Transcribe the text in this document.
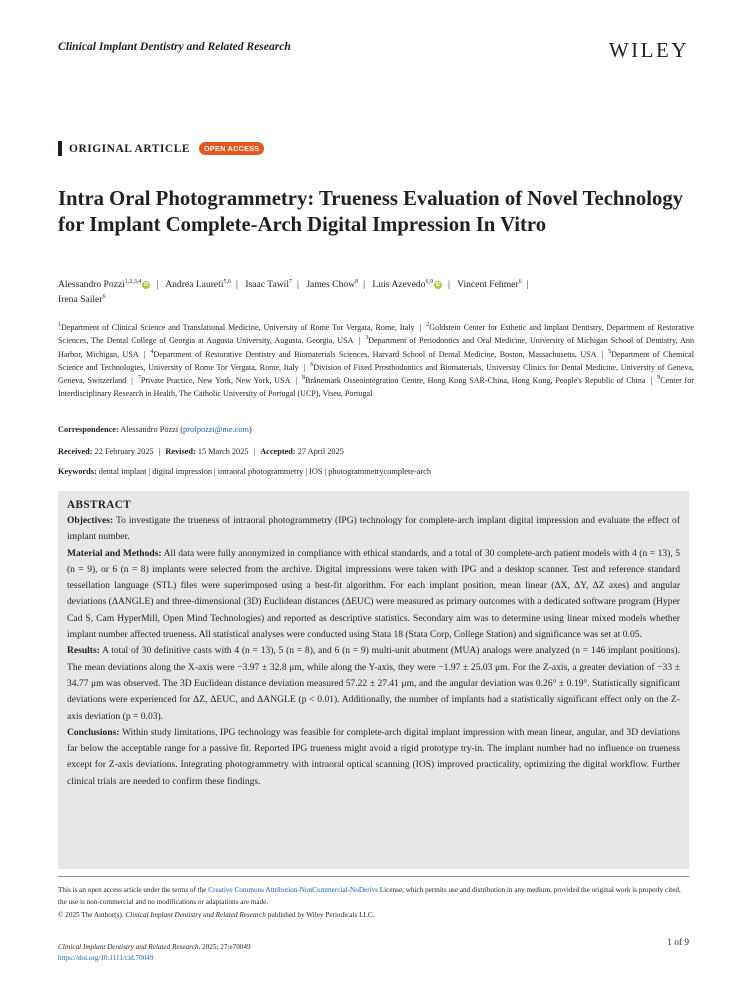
Clinical Implant Dentistry and Related Research	WILEY
ORIGINAL ARTICLE	OPEN ACCESS
Intra Oral Photogrammetry: Trueness Evaluation of Novel Technology for Implant Complete-Arch Digital Impression In Vitro
Alessandro Pozzi$^{1,2,3,4}$ iD | Andrea Laureti$^{5,6}$ | Isaac Tawil$^7$ | James Chow$^8$ | Luis Azevedo$^{6,9}$ iD | Vincent Fehmer$^6$ |
Irena Sailer$^6$
$^1$Department of Clinical Science and Translational Medicine, University of Rome Tor Vergata, Rome, Italy | $^2$Goldstein Center for Esthetic and Implant Dentistry, Department of Restorative Sciences, The Dental College of Georgia at Augusta University, Augusta, Georgia, USA | $^3$Department of Periodontics and Oral Medicine, University of Michigan School of Dentistry, Ann Harbor, Michigan, USA | $^4$Department of Restorative Dentistry and Biomaterials Sciences, Harvard School of Dental Medicine, Boston, Massachusetts, USA | $^5$Department of Chemical Science and Technologies, University of Rome Tor Vergata, Rome, Italy | $^6$Division of Fixed Prosthodontics and Biomaterials, University Clinics for Dental Medicine, University of Geneva, Geneva, Switzerland | $^7$Private Practice, New York, New York, USA | $^8$Brånemark Osseointegration Centre, Hong Kong SAR-China, Hong Kong, People's Republic of China | $^9$Center for Interdisciplinary Research in Health, The Catholic University of Portugal (UCP), Viseu, Portugal
Correspondence: Alessandro Pozzi (profpozzi@me.com)
Received: 22 February 2025 | Revised: 15 March 2025 | Accepted: 27 April 2025
Keywords: dental implant | digital impression | intraoral photogrammetry | IOS | photogrammetrycomplete-arch
ABSTRACT

Objectives: To investigate the trueness of intraoral photogrammetry (IPG) technology for complete-arch implant digital impression and evaluate the effect of implant number.

Material and Methods: All data were fully anonymized in compliance with ethical standards, and a total of 30 complete-arch patient models with 4 (n = 13), 5 (n = 9), or 6 (n = 8) implants were selected from the archive. Digital impressions were taken with IPG and a desktop scanner. Test and reference standard tessellation language (STL) files were superimposed using a best-fit algorithm. For each implant position, mean linear (ΔX, ΔY, ΔZ axes) and angular deviations (ΔANGLE) and three-dimensional (3D) Euclidean distances (ΔEUC) were measured as primary outcomes with a dedicated software program (Hyper Cad S, Cam HyperMill, Open Mind Technologies) and reported as descriptive statistics. Secondary aim was to determine using linear mixed models whether implant number affected trueness. All statistical analyses were conducted using Stata 18 (Stata Corp, College Station) and significance was set at 0.05.

Results: A total of 30 definitive casts with 4 (n = 13), 5 (n = 8), and 6 (n = 9) multi-unit abutment (MUA) analogs were analyzed (n = 146 implant positions). The mean deviations along the X-axis were −3.97 ± 32.8 μm, while along the Y-axis, they were −1.97 ± 25.03 μm. For the Z-axis, a greater deviation of −33 ± 34.77 μm was observed. The 3D Euclidean distance deviation measured 57.22 ± 27.41 μm, and the angular deviation was 0.26° ± 0.19°. Statistically significant deviations were experienced for ΔZ, ΔEUC, and ΔANGLE (p < 0.01). Additionally, the number of implants had a statistically significant effect only on the Z-axis deviation (p = 0.03).

Conclusions: Within study limitations, IPG technology was feasible for complete-arch digital implant impression with mean linear, angular, and 3D deviations far below the acceptable range for a passive fit. Reported IPG trueness might avoid a rigid prototype try-in. The implant number had no influence on trueness except for Z-axis deviations. Integrating photogrammetry with intraoral optical scanning (IOS) improved practicality, optimizing the digital workflow. Further clinical trials are needed to confirm these findings.

This is an open access article under the terms of the Creative Commons Attribution-NonCommercial-NoDerivs License, which permits use and distribution in any medium, provided the original work is properly cited, the use is non-commercial and no modifications or adaptations are made.
© 2025 The Author(s). Clinical Implant Dentistry and Related Research published by Wiley Periodicals LLC.
Clinical Implant Dentistry and Related Research, 2025; 27:e70049
https://doi.org/10.1111/cid.70049
1 of 9
